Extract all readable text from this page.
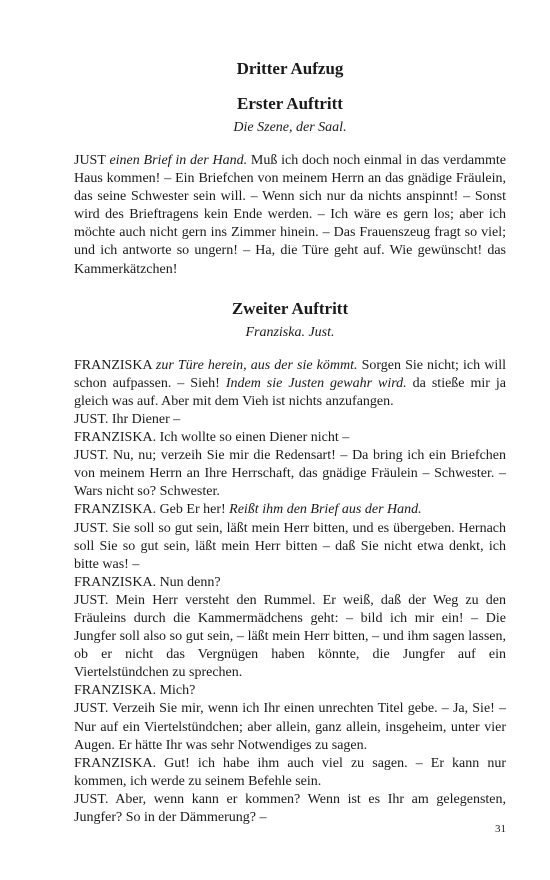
Dritter Aufzug
Erster Auftritt
Die Szene, der Saal.

JUST einen Brief in der Hand. Muß ich doch noch einmal in das verdammte Haus kommen! – Ein Briefchen von meinem Herrn an das gnädige Fräulein, das seine Schwester sein will. – Wenn sich nur da nichts anspinnt! – Sonst wird des Brieftragens kein Ende werden. – Ich wäre es gern los; aber ich möchte auch nicht gern ins Zimmer hinein. – Das Frauenszeug fragt so viel; und ich antworte so ungern! – Ha, die Türe geht auf. Wie gewünscht! das Kammerkätzchen!

Zweiter Auftritt
Franziska. Just.

FRANZISKA zur Türe herein, aus der sie kömmt. Sorgen Sie nicht; ich will schon aufpassen. – Sieh! Indem sie Justen gewahr wird. da stieße mir ja gleich was auf. Aber mit dem Vieh ist nichts anzufangen.

JUST. Ihr Diener –

FRANZISKA. Ich wollte so einen Diener nicht –

JUST. Nu, nu; verzeih Sie mir die Redensart! – Da bring ich ein Briefchen von meinem Herrn an Ihre Herrschaft, das gnädige Fräulein – Schwester. – Wars nicht so? Schwester.

FRANZISKA. Geb Er her! Reißt ihm den Brief aus der Hand.

JUST. Sie soll so gut sein, läßt mein Herr bitten, und es übergeben. Hernach soll Sie so gut sein, läßt mein Herr bitten – daß Sie nicht etwa denkt, ich bitte was! –

FRANZISKA. Nun denn?

JUST. Mein Herr versteht den Rummel. Er weiß, daß der Weg zu den Fräuleins durch die Kammermädchens geht: – bild ich mir ein! – Die Jungfer soll also so gut sein, – läßt mein Herr bitten, – und ihm sagen lassen, ob er nicht das Vergnügen haben könnte, die Jungfer auf ein Viertelstündchen zu sprechen.

FRANZISKA. Mich?

JUST. Verzeih Sie mir, wenn ich Ihr einen unrechten Titel gebe. – Ja, Sie! – Nur auf ein Viertelstündchen; aber allein, ganz allein, insgeheim, unter vier Augen. Er hätte Ihr was sehr Notwendiges zu sagen.

FRANZISKA. Gut! ich habe ihm auch viel zu sagen. – Er kann nur kommen, ich werde zu seinem Befehle sein.

JUST. Aber, wenn kann er kommen? Wenn ist es Ihr am gelegensten, Jungfer? So in der Dämmerung? –

31
